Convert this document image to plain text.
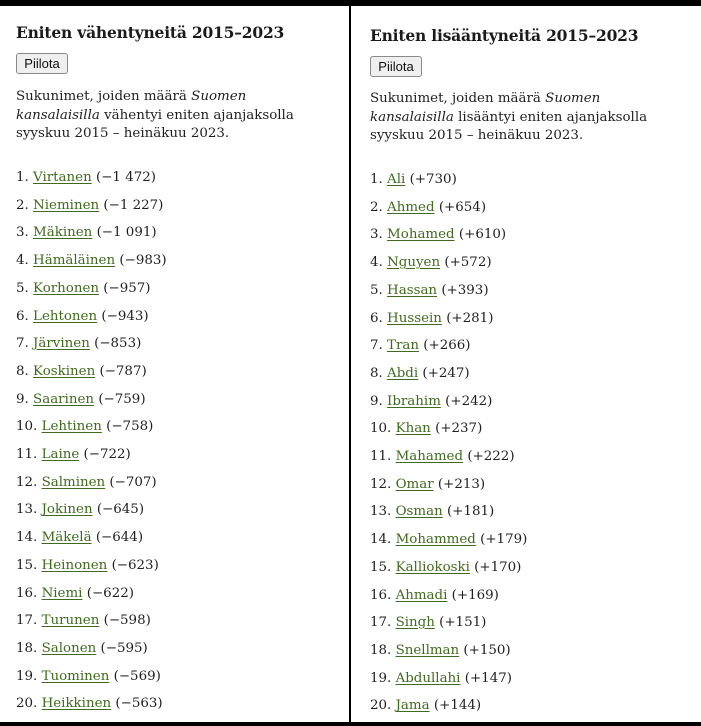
Eniten vähentyneitä 2015–2023
Piilota

Sukunimet, joiden määrä Suomen kansalaisilla vähentyi eniten ajanjaksolla syyskuu 2015 – heinäkuu 2023.

1. Virtanen (−1 472)
2. Nieminen (−1 227)
3. Mäkinen (−1 091)
4. Hämäläinen (−983)
5. Korhonen (−957)
6. Lehtonen (−943)
7. Järvinen (−853)
8. Koskinen (−787)
9. Saarinen (−759)
10. Lehtinen (−758)
11. Laine (−722)
12. Salminen (−707)
13. Jokinen (−645)
14. Mäkelä (−644)
15. Heinonen (−623)
16. Niemi (−622)
17. Turunen (−598)
18. Salonen (−595)
19. Tuominen (−569)
20. Heikkinen (−563)
Eniten lisääntyneitä 2015–2023
Piilota

Sukunimet, joiden määrä Suomen kansalaisilla lisääntyi eniten ajanjaksolla syyskuu 2015 – heinäkuu 2023.

1. Ali (+730)
2. Ahmed (+654)
3. Mohamed (+610)
4. Nguyen (+572)
5. Hassan (+393)
6. Hussein (+281)
7. Tran (+266)
8. Abdi (+247)
9. Ibrahim (+242)
10. Khan (+237)
11. Mahamed (+222)
12. Omar (+213)
13. Osman (+181)
14. Mohammed (+179)
15. Kalliokoski (+170)
16. Ahmadi (+169)
17. Singh (+151)
18. Snellman (+150)
19. Abdullahi (+147)
20. Jama (+144)
